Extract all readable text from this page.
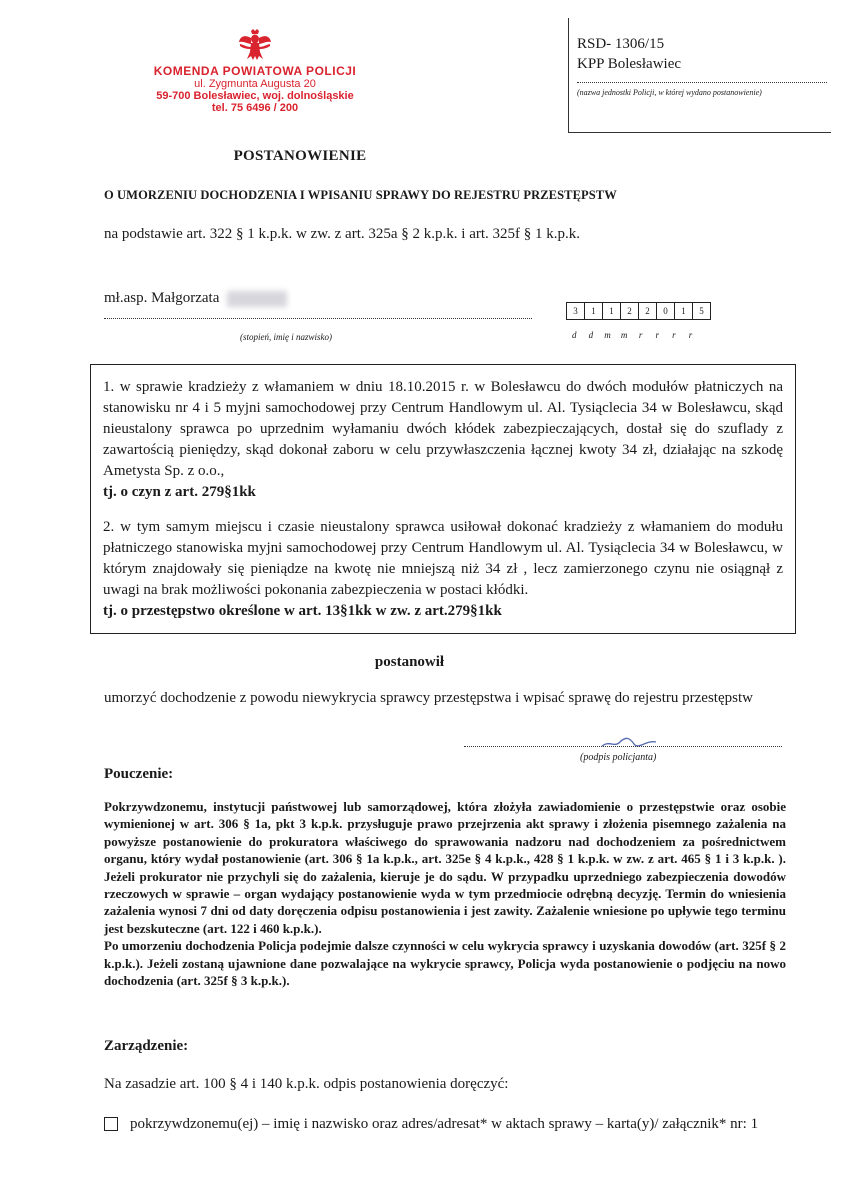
KOMENDA POWIATOWA POLICJI
ul. Zygmunta Augusta 20
59-700 Bolesławiec, woj. dolnośląskie
tel. 75 6496 / 200
RSD- 1306/15
KPP Bolesławiec
(nazwa jednostki Policji, w której wydano postanowienie)
POSTANOWIENIE
O UMORZENIU DOCHODZENIA I WPISANIU SPRAWY DO REJESTRU PRZESTĘPSTW
na podstawie art. 322 § 1 k.p.k. w zw. z art. 325a § 2 k.p.k. i art. 325f § 1 k.p.k.
mł.asp. Małgorzata
(stopień, imię i nazwisko)
3	1	1	2	2	0	1	5
d	d	m	m	r	r	r	r

1. w sprawie kradzieży z włamaniem w dniu 18.10.2015 r. w Bolesławcu do dwóch modułów płatniczych na stanowisku nr 4 i 5 myjni samochodowej przy Centrum Handlowym ul. Al. Tysiąclecia 34 w Bolesławcu, skąd nieustalony sprawca po uprzednim wyłamaniu dwóch kłódek zabezpieczających, dostał się do szuflady z zawartością pieniędzy, skąd dokonał zaboru w celu przywłaszczenia łącznej kwoty 34 zł, działając na szkodę Ametysta Sp. z o.o.,
tj. o czyn z art. 279§1kk

2. w tym samym miejscu i czasie nieustalony sprawca usiłował dokonać kradzieży z włamaniem do modułu płatniczego stanowiska myjni samochodowej przy Centrum Handlowym ul. Al. Tysiąclecia 34 w Bolesławcu, w którym znajdowały się pieniądze na kwotę nie mniejszą niż 34 zł , lecz zamierzonego czynu nie osiągnął z uwagi na brak możliwości pokonania zabezpieczenia w postaci kłódki.
tj. o przestępstwo określone w art. 13§1kk w zw. z art.279§1kk

postanowił
umorzyć dochodzenie z powodu niewykrycia sprawcy przestępstwa i wpisać sprawę do rejestru przestępstw
(podpis policjanta)
Pouczenie:
Pokrzywdzonemu, instytucji państwowej lub samorządowej, która złożyła zawiadomienie o przestępstwie oraz osobie wymienionej w art. 306 § 1a, pkt 3 k.p.k. przysługuje prawo przejrzenia akt sprawy i złożenia pisemnego zażalenia na powyższe postanowienie do prokuratora właściwego do sprawowania nadzoru nad dochodzeniem za pośrednictwem organu, który wydał postanowienie (art. 306 § 1a k.p.k., art. 325e § 4 k.p.k., 428 § 1 k.p.k. w zw. z art. 465 § 1 i 3 k.p.k. ). Jeżeli prokurator nie przychyli się do zażalenia, kieruje je do sądu. W przypadku uprzedniego zabezpieczenia dowodów rzeczowych w sprawie – organ wydający postanowienie wyda w tym przedmiocie odrębną decyzję. Termin do wniesienia zażalenia wynosi 7 dni od daty doręczenia odpisu postanowienia i jest zawity. Zażalenie wniesione po upływie tego terminu jest bezskuteczne (art. 122 i 460 k.p.k.).
Po umorzeniu dochodzenia Policja podejmie dalsze czynności w celu wykrycia sprawcy i uzyskania dowodów (art. 325f § 2 k.p.k.). Jeżeli zostaną ujawnione dane pozwalające na wykrycie sprawcy, Policja wyda postanowienie o podjęciu na nowo dochodzenia (art. 325f § 3 k.p.k.).
Zarządzenie:
Na zasadzie art. 100 § 4 i 140 k.p.k. odpis postanowienia doręczyć:
pokrzywdzonemu(ej) – imię i nazwisko oraz adres/adresat* w aktach sprawy – karta(y)/ załącznik* nr: 1
